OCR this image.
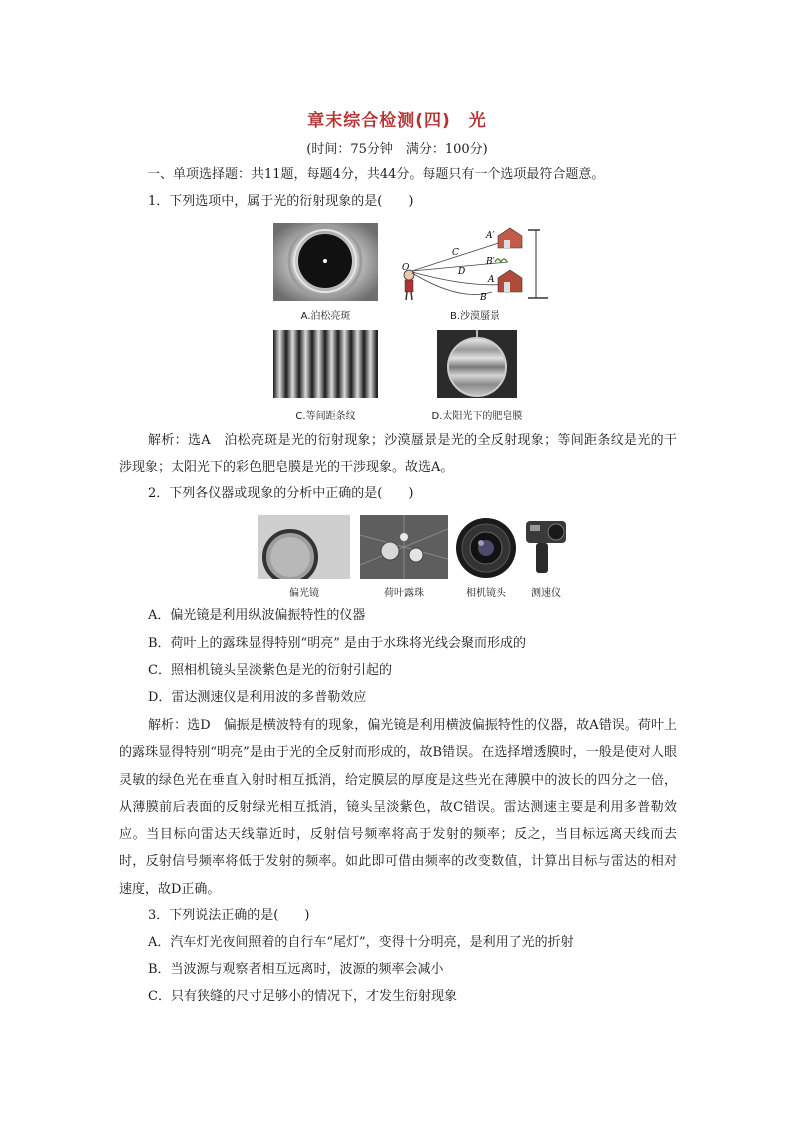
章末综合检测(四)　光
(时间：75分钟　满分：100分)
一、单项选择题：共11题，每题4分，共44分。每题只有一个选项最符合题意。
1．下列选项中，属于光的衍射现象的是(　　)
A.泊松亮斑
O
C
D
A′
B′
A
B
B.沙漠蜃景
C.等间距条纹	D.太阳光下的肥皂膜
解析：选A　泊松亮斑是光的衍射现象；沙漠蜃景是光的全反射现象；等间距条纹是光的干涉现象；太阳光下的彩色肥皂膜是光的干涉现象。故选A。
2．下列各仪器或现象的分析中正确的是(　　)
偏光镜	荷叶露珠	相机镜头	测速仪
A．偏光镜是利用纵波偏振特性的仪器
B．荷叶上的露珠显得特别“明亮” 是由于水珠将光线会聚而形成的
C．照相机镜头呈淡紫色是光的衍射引起的
D．雷达测速仪是利用波的多普勒效应
解析：选D　偏振是横波特有的现象，偏光镜是利用横波偏振特性的仪器，故A错误。荷叶上的露珠显得特别“明亮”是由于光的全反射而形成的，故B错误。在选择增透膜时，一般是使对人眼灵敏的绿色光在垂直入射时相互抵消，给定膜层的厚度是这些光在薄膜中的波长的四分之一倍，从薄膜前后表面的反射绿光相互抵消，镜头呈淡紫色，故C错误。雷达测速主要是利用多普勒效应。当目标向雷达天线靠近时，反射信号频率将高于发射的频率；反之，当目标远离天线而去时，反射信号频率将低于发射的频率。如此即可借由频率的改变数值，计算出目标与雷达的相对速度，故D正确。
3．下列说法正确的是(　　)
A．汽车灯光夜间照着的自行车“尾灯”，变得十分明亮，是利用了光的折射
B．当波源与观察者相互远离时，波源的频率会减小
C．只有狭缝的尺寸足够小的情况下，才发生衍射现象
